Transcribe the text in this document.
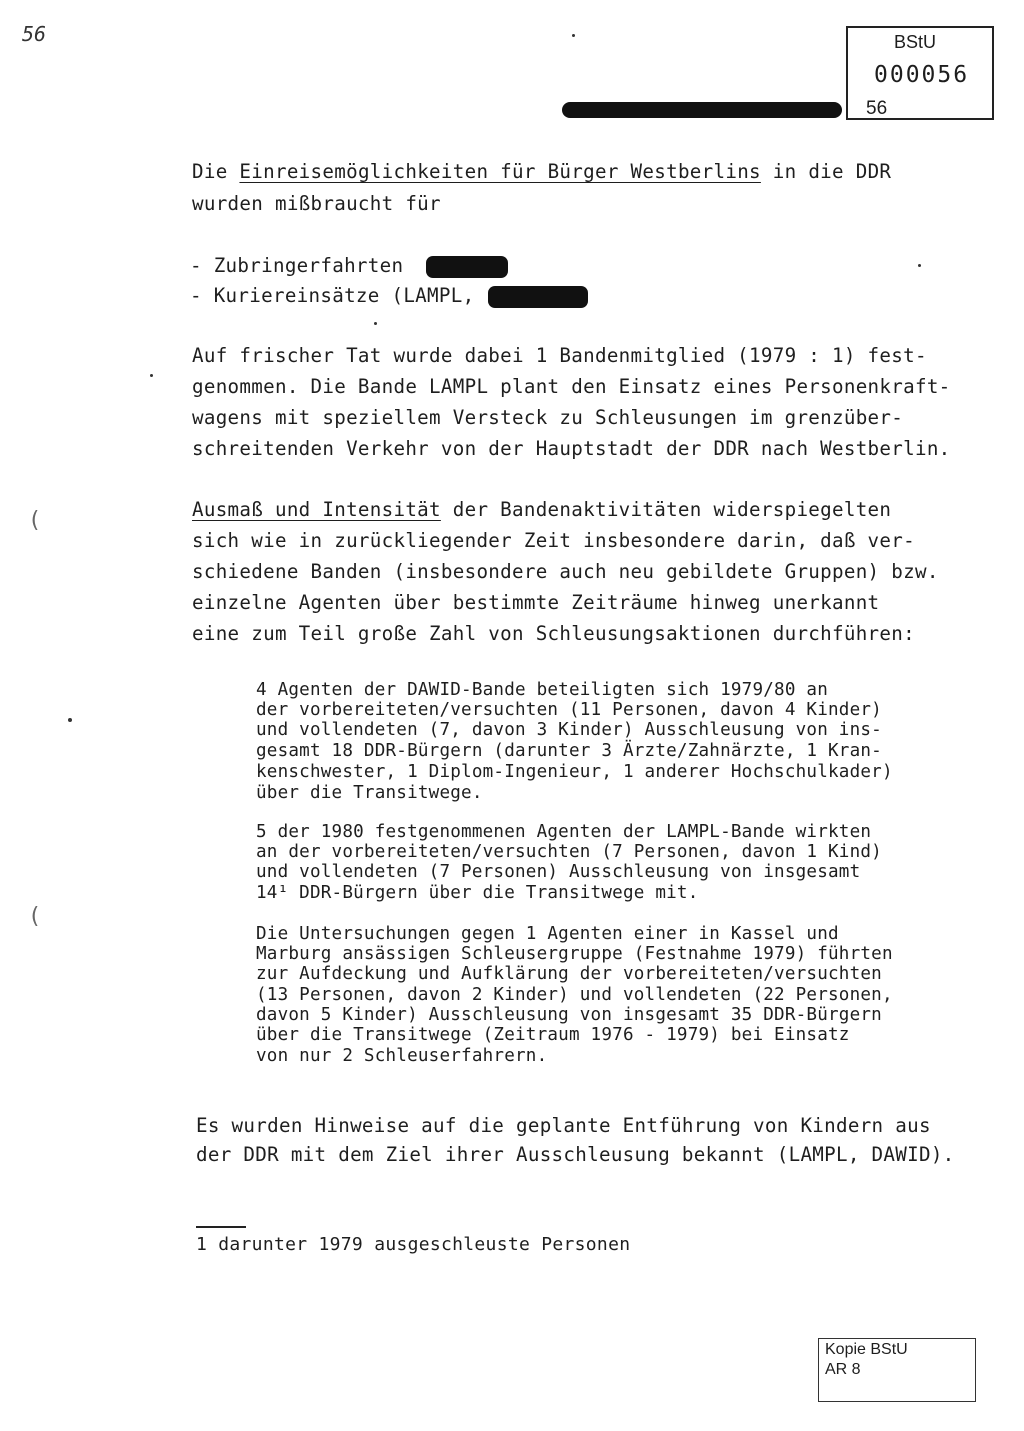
56	BStU
000056
56
Die Einreisemöglichkeiten für Bürger Westberlins in die DDR
wurden mißbraucht für
- Zubringerfahrten
- Kuriereinsätze (LAMPL,
Auf frischer Tat wurde dabei 1 Bandenmitglied (1979 : 1) fest-
genommen. Die Bande LAMPL plant den Einsatz eines Personenkraft-
wagens mit speziellem Versteck zu Schleusungen im grenzüber-
schreitenden Verkehr von der Hauptstadt der DDR nach Westberlin.
Ausmaß und Intensität der Bandenaktivitäten widerspiegelten
sich wie in zurückliegender Zeit insbesondere darin, daß ver-
schiedene Banden (insbesondere auch neu gebildete Gruppen) bzw.
einzelne Agenten über bestimmte Zeiträume hinweg unerkannt
eine zum Teil große Zahl von Schleusungsaktionen durchführen:
4 Agenten der DAWID-Bande beteiligten sich 1979/80 an
der vorbereiteten/versuchten (11 Personen, davon 4 Kinder)
und vollendeten (7, davon 3 Kinder) Ausschleusung von ins-
gesamt 18 DDR-Bürgern (darunter 3 Ärzte/Zahnärzte, 1 Kran-
kenschwester, 1 Diplom-Ingenieur, 1 anderer Hochschulkader)
über die Transitwege.
5 der 1980 festgenommenen Agenten der LAMPL-Bande wirkten
an der vorbereiteten/versuchten (7 Personen, davon 1 Kind)
und vollendeten (7 Personen) Ausschleusung von insgesamt
14¹ DDR-Bürgern über die Transitwege mit.
Die Untersuchungen gegen 1 Agenten einer in Kassel und
Marburg ansässigen Schleusergruppe (Festnahme 1979) führten
zur Aufdeckung und Aufklärung der vorbereiteten/versuchten
(13 Personen, davon 2 Kinder) und vollendeten (22 Personen,
davon 5 Kinder) Ausschleusung von insgesamt 35 DDR-Bürgern
über die Transitwege (Zeitraum 1976 - 1979) bei Einsatz
von nur 2 Schleuserfahrern.
Es wurden Hinweise auf die geplante Entführung von Kindern aus
der DDR mit dem Ziel ihrer Ausschleusung bekannt (LAMPL, DAWID).
1 darunter 1979 ausgeschleuste Personen
Kopie BStU
AR 8
(
(
